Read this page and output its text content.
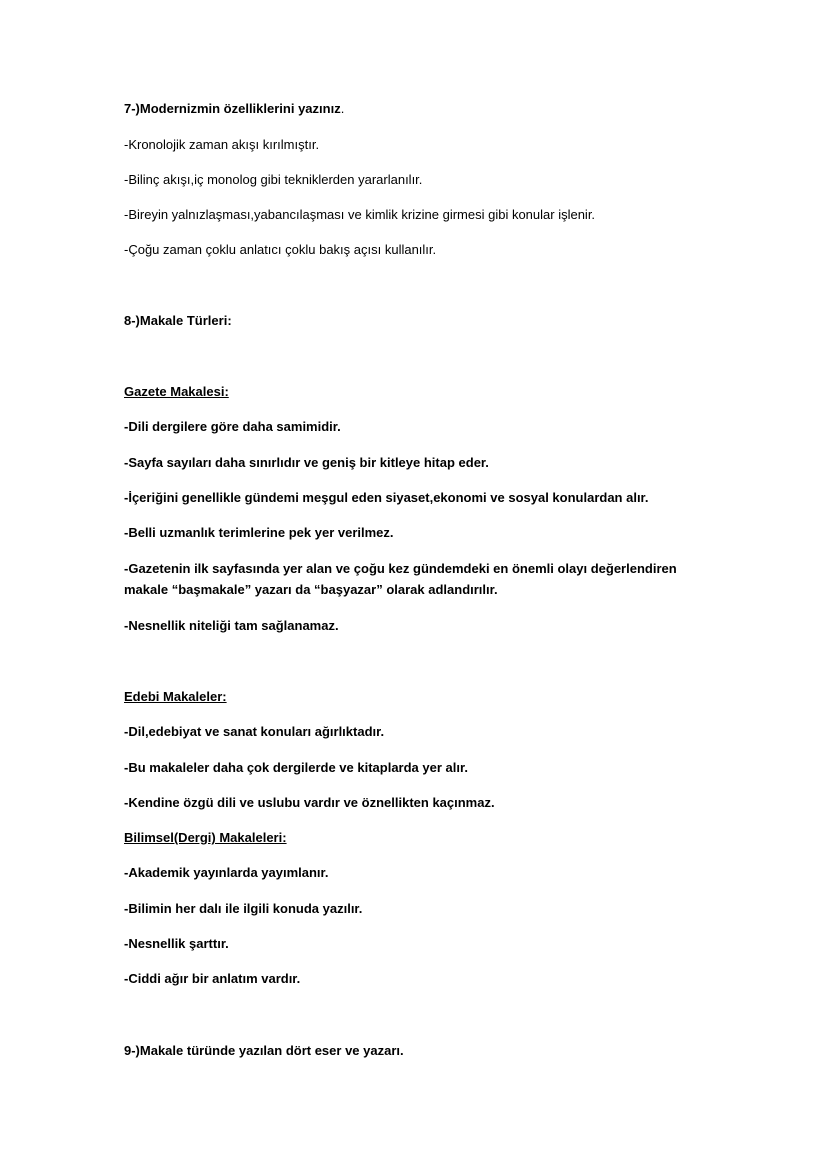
7-)Modernizmin özelliklerini yazınız.
-Kronolojik zaman akışı kırılmıştır.
-Bilinç akışı,iç monolog gibi tekniklerden yararlanılır.
-Bireyin yalnızlaşması,yabancılaşması ve kimlik krizine girmesi gibi konular işlenir.
-Çoğu zaman çoklu anlatıcı çoklu bakış açısı kullanılır.
8-)Makale Türleri:
Gazete Makalesi:
-Dili dergilere göre daha samimidir.
-Sayfa sayıları daha sınırlıdır ve geniş bir kitleye hitap eder.
-İçeriğini genellikle gündemi meşgul eden siyaset,ekonomi ve sosyal konulardan alır.
-Belli uzmanlık terimlerine pek yer verilmez.
-Gazetenin ilk sayfasında yer alan ve çoğu kez gündemdeki en önemli olayı değerlendiren makale “başmakale” yazarı da “başyazar” olarak adlandırılır.
-Nesnellik niteliği tam sağlanamaz.
Edebi Makaleler:
-Dil,edebiyat ve sanat konuları ağırlıktadır.
-Bu makaleler daha çok dergilerde ve kitaplarda yer alır.
-Kendine özgü dili ve uslubu vardır ve öznellikten kaçınmaz.
Bilimsel(Dergi) Makaleleri:
-Akademik yayınlarda yayımlanır.
-Bilimin her dalı ile ilgili konuda yazılır.
-Nesnellik şarttır.
-Ciddi ağır bir anlatım vardır.
9-)Makale türünde yazılan dört eser ve yazarı.
